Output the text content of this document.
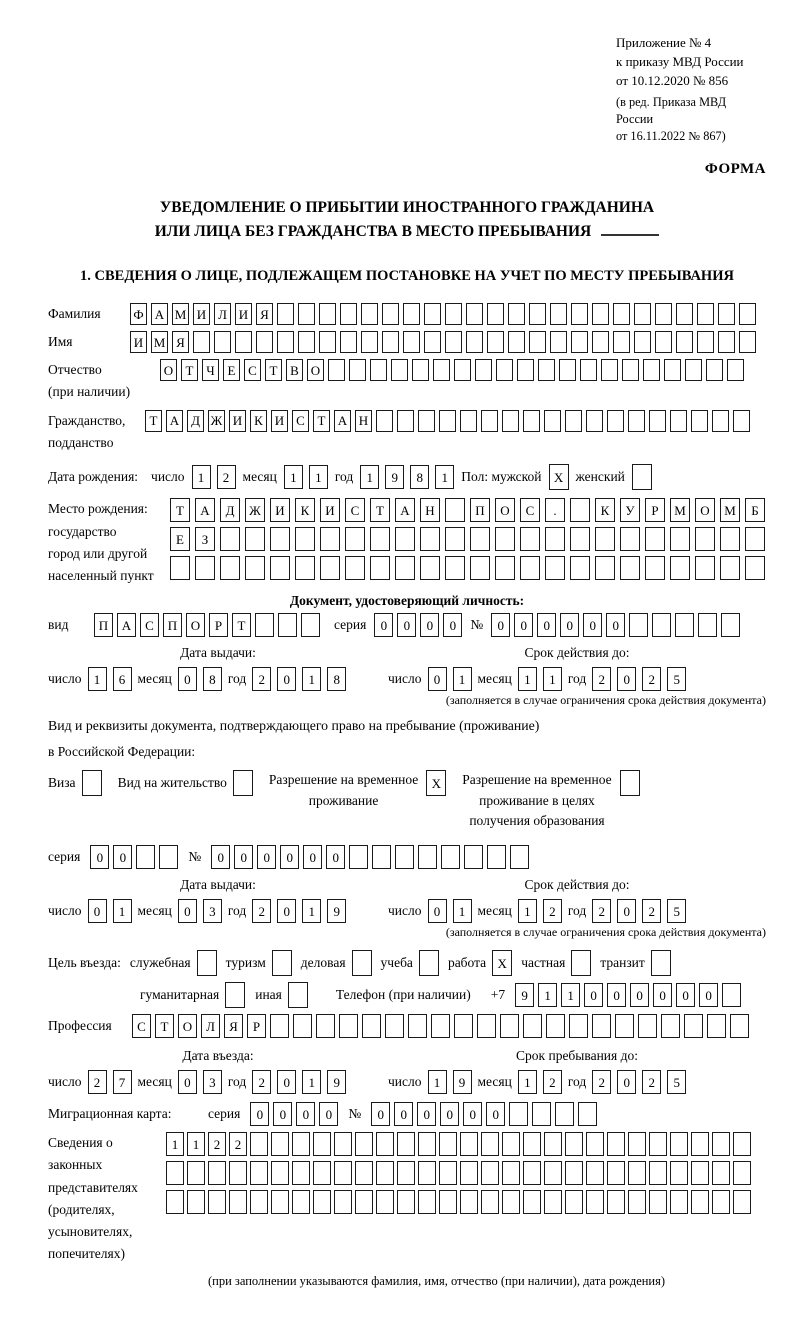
Приложение № 4
к приказу МВД России
от 10.12.2020 № 856
(в ред. Приказа МВД России
от 16.11.2022 № 867)
ФОРМА
УВЕДОМЛЕНИЕ О ПРИБЫТИИ ИНОСТРАННОГО ГРАЖДАНИНА
ИЛИ ЛИЦА БЕЗ ГРАЖДАНСТВА В МЕСТО ПРЕБЫВАНИЯ
1. СВЕДЕНИЯ О ЛИЦЕ, ПОДЛЕЖАЩЕМ ПОСТАНОВКЕ НА УЧЕТ ПО МЕСТУ ПРЕБЫВАНИЯ
Фамилия	Ф А М И Л И Я
Имя	И М Я
Отчество
(при наличии)
О Т Ч Е С Т В О
Гражданство,
подданство
Т А Д Ж И К И С Т А Н
Дата рождения: число	1	2 месяц	1	1 год	1	9	8	1 Пол: мужской X женский
Место рождения:
государство
город или другой
населенный пункт
Т	А	Д	Ж	И	К	И	С	Т	А	Н	П	О	С	.	К	У	Р	М	О	М	Б
Е	З
Документ, удостоверяющий личность:
вид	П	А	С	П	О	Р	Т	серия	0	0	0	0	№	0	0	0	0	0	0
Дата выдачи:	Срок действия до:
число 1	6 месяц 0	8 год 2	0	1	8	число 0	1 месяц 1	1 год 2	0	2	5
(заполняется в случае ограничения срока действия документа)
Вид и реквизиты документа, подтверждающего право на пребывание (проживание)
в Российской Федерации:
Виза	Вид на жительство	Разрешение на временное
проживание
X	Разрешение на временное
проживание в целях
получения образования
серия	0	0	№	0	0	0	0	0	0
Дата выдачи:	Срок действия до:
число 0	1 месяц 0	3 год 2	0	1	9	число 0	1 месяц 1	2 год 2	0	2	5
(заполняется в случае ограничения срока действия документа)
Цель въезда: служебная	туризм	деловая	учеба	работа X	частная	транзит
гуманитарная	иная	Телефон (при наличии) +7	9	1	1	0	0	0	0	0	0
Профессия	С	Т	О	Л	Я	Р
Дата въезда:	Срок пребывания до:
число 2	7 месяц 0	3 год 2	0	1	9	число 1	9 месяц 1	2 год 2	0	2	5
Миграционная карта:	серия	0	0	0	0	№	0	0	0	0	0	0
Сведения о
законных
представителях
(родителях,
усыновителях,
попечителях)
1	1	2	2
(при заполнении указываются фамилия, имя, отчество (при наличии), дата рождения)
